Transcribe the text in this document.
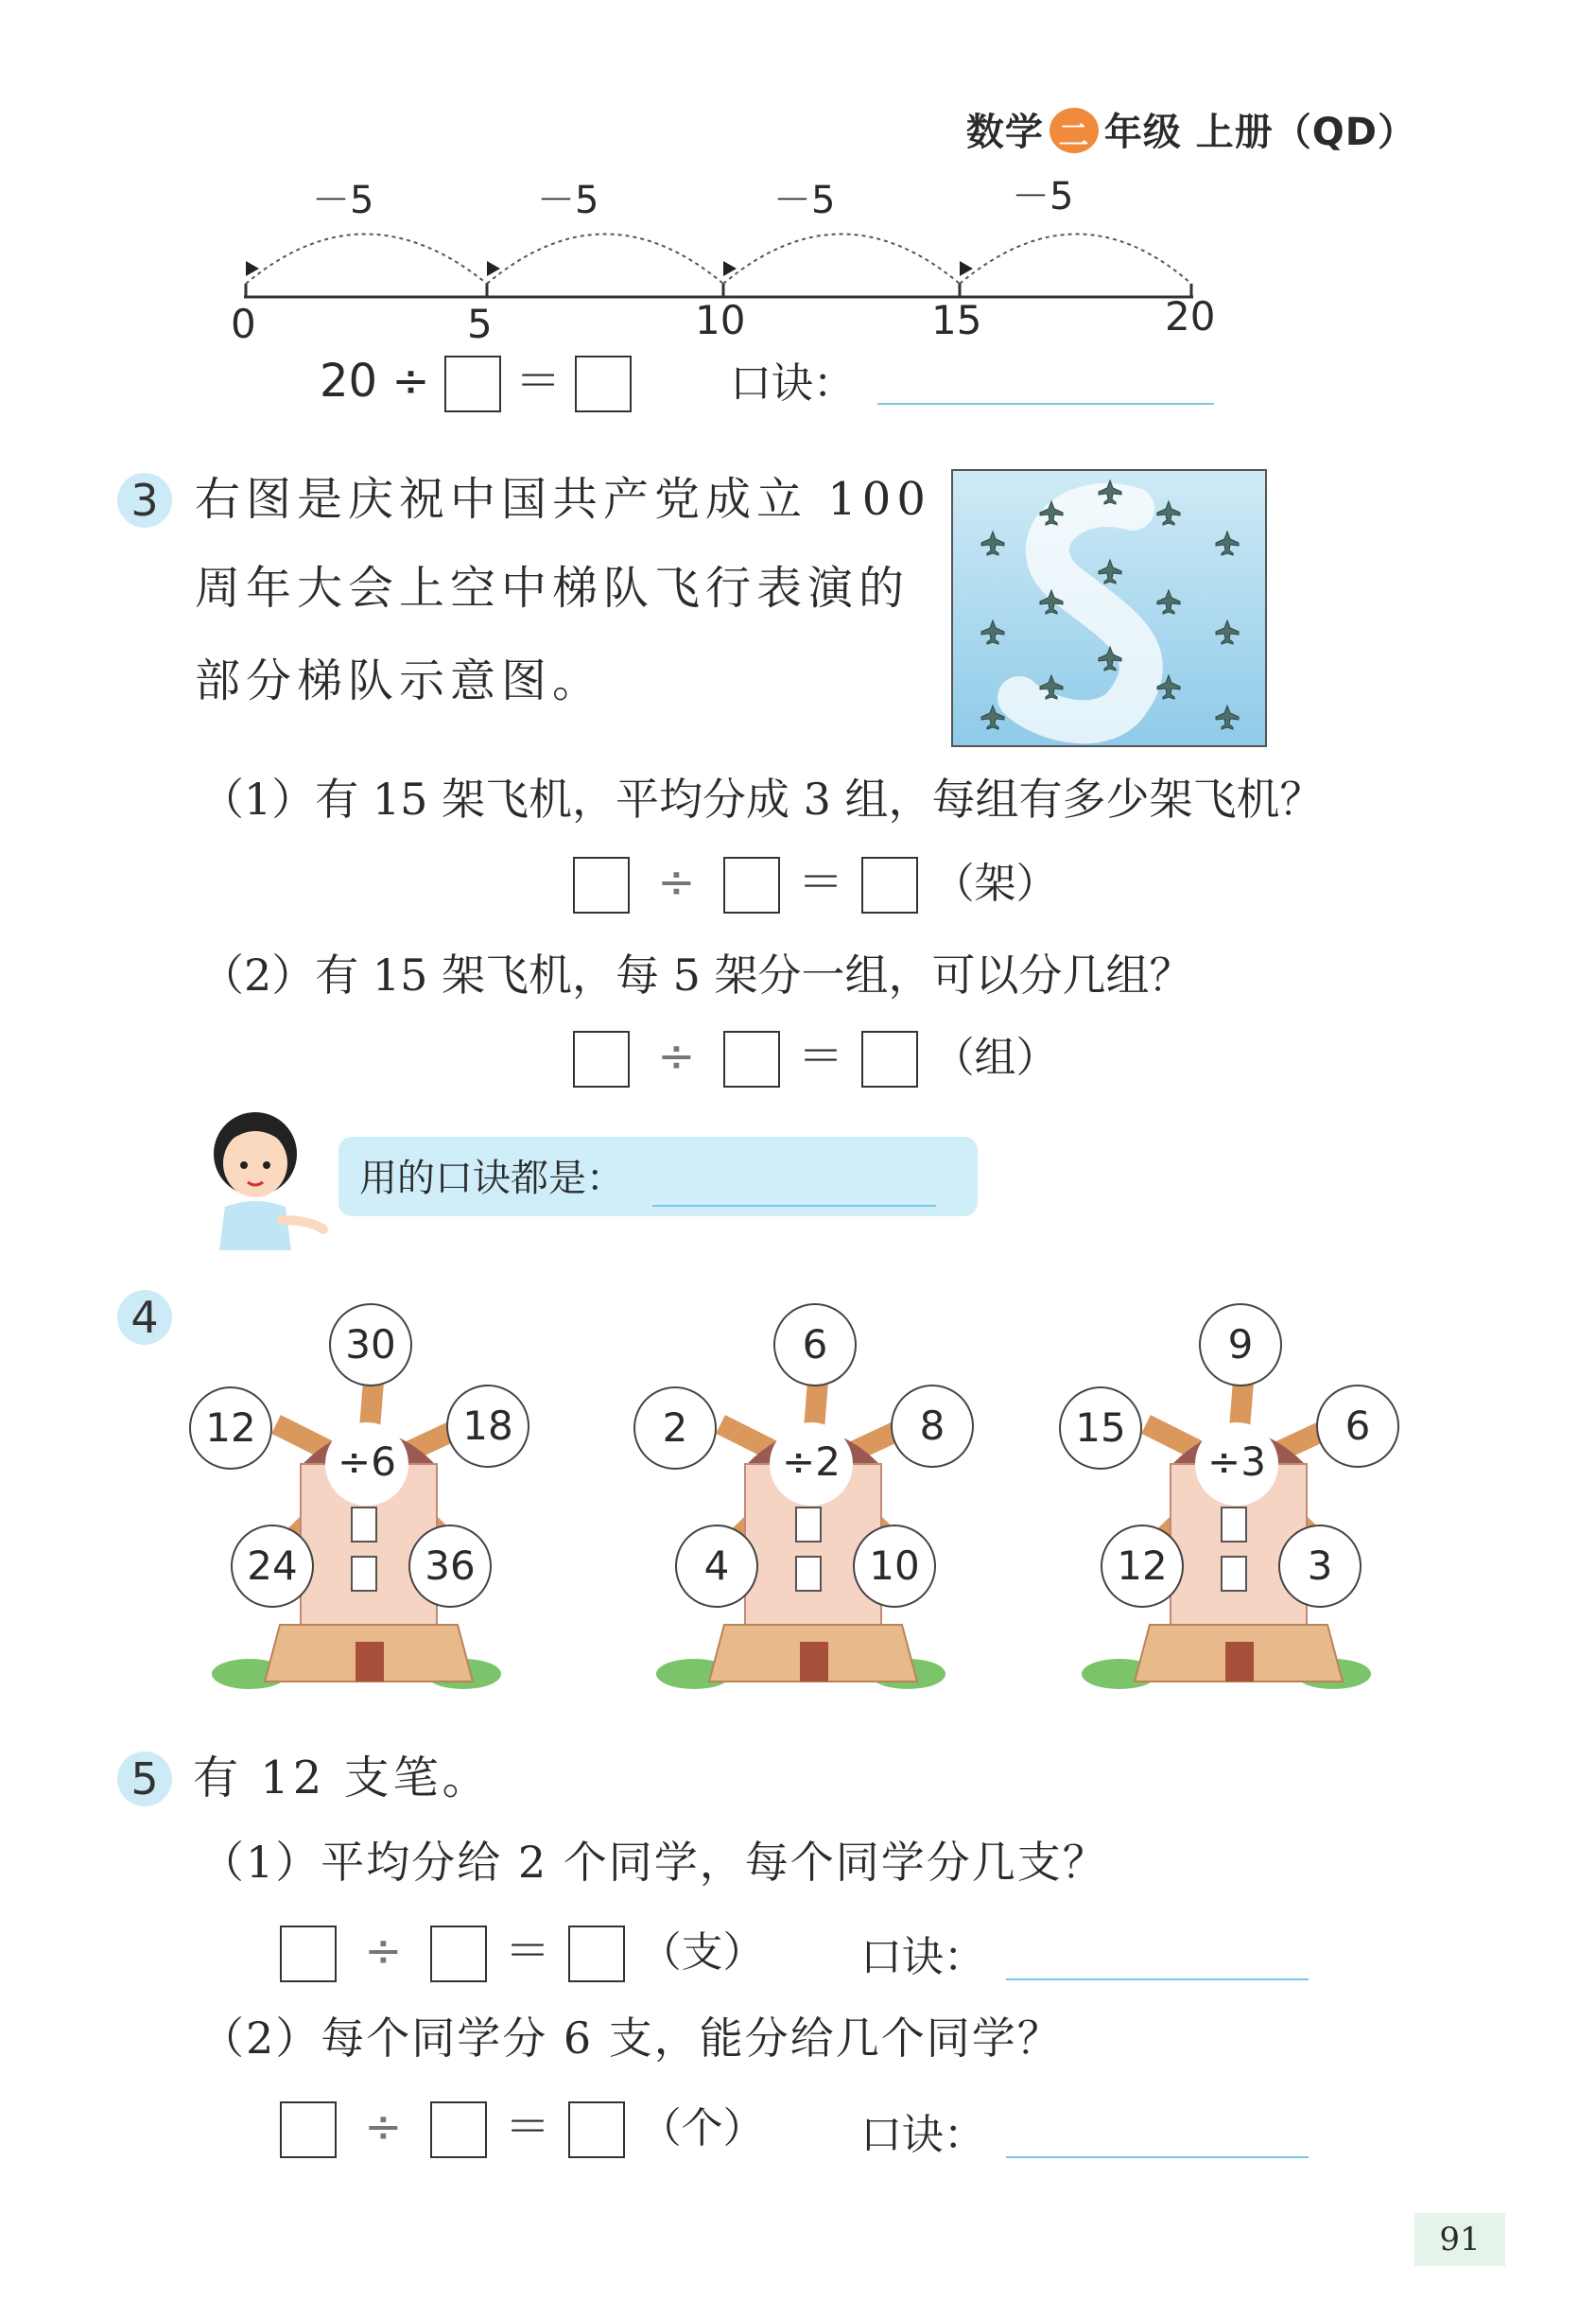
数学 二 年级 上册（QD）
－5	－5	－5	－5
0	5	10	15	20
20 ÷ ＝	口诀：
3 右图是庆祝中国共产党成立 100
周年大会上空中梯队飞行表演的
部分梯队示意图。
（1）有 15 架飞机，平均分成 3 组，每组有多少架飞机？
÷ ＝ （架）
（2）有 15 架飞机，每 5 架分一组，可以分几组？
÷ ＝ （组）
用的口诀都是：
4
÷6
30
12	18
24	36
÷2
6
2	8
4	10
÷3
9
15	6
12	3
5 有 12 支笔。
（1）平均分给 2 个同学，每个同学分几支？
÷ ＝ （支） 口诀：
（2）每个同学分 6 支，能分给几个同学？
÷ ＝ （个） 口诀：
91
